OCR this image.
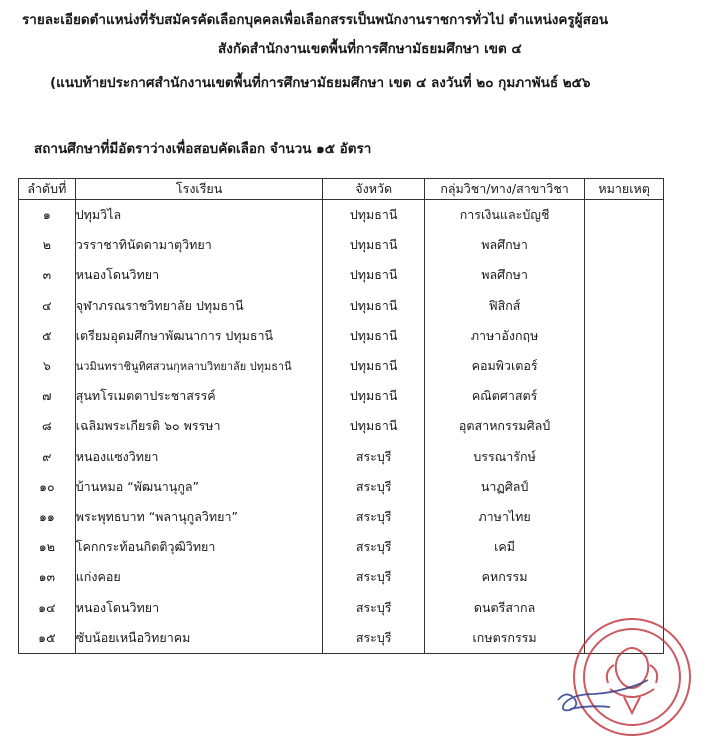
รายละเอียดตำแหน่งที่รับสมัครคัดเลือกบุคคลเพื่อเลือกสรรเป็นพนักงานราชการทั่วไป ตำแหน่งครูผู้สอน
สังกัดสำนักงานเขตพื้นที่การศึกษามัธยมศึกษา เขต ๔
(แนบท้ายประกาศสำนักงานเขตพื้นที่การศึกษามัธยมศึกษา เขต ๔ ลงวันที่ ๒๐ กุมภาพันธ์ ๒๕๖
สถานศึกษาที่มีอัตราว่างเพื่อสอบคัดเลือก จำนวน ๑๕ อัตรา
ลำดับที่	โรงเรียน	จังหวัด	กลุ่มวิชา/ทาง/สาขาวิชา	หมายเหตุ
๑	ปทุมวิไล	ปทุมธานี	การเงินและบัญชี	
๒	วรราชาทินัดดามาตุวิทยา	ปทุมธานี	พลศึกษา	
๓	หนองโดนวิทยา	ปทุมธานี	พลศึกษา	
๔	จุฬาภรณราชวิทยาลัย ปทุมธานี	ปทุมธานี	ฟิสิกส์	
๕	เตรียมอุดมศึกษาพัฒนาการ ปทุมธานี	ปทุมธานี	ภาษาอังกฤษ	
๖	นวมินทราชินูทิศสวนกุหลาบวิทยาลัย ปทุมธานี	ปทุมธานี	คอมพิวเตอร์	
๗	สุนทโรเมตตาประชาสรรค์	ปทุมธานี	คณิตศาสตร์	
๘	เฉลิมพระเกียรติ ๖๐ พรรษา	ปทุมธานี	อุตสาหกรรมศิลป์	
๙	หนองแซงวิทยา	สระบุรี	บรรณารักษ์	
๑๐	บ้านหมอ “พัฒนานุกูล”	สระบุรี	นาฏศิลป์	
๑๑	พระพุทธบาท “พลานุกูลวิทยา”	สระบุรี	ภาษาไทย	
๑๒	โคกกระท้อนกิตติวุฒิวิทยา	สระบุรี	เคมี	
๑๓	แก่งคอย	สระบุรี	คหกรรม	
๑๔	หนองโดนวิทยา	สระบุรี	ดนตรีสากล	
๑๕	ซับน้อยเหนือวิทยาคม	สระบุรี	เกษตรกรรม	
